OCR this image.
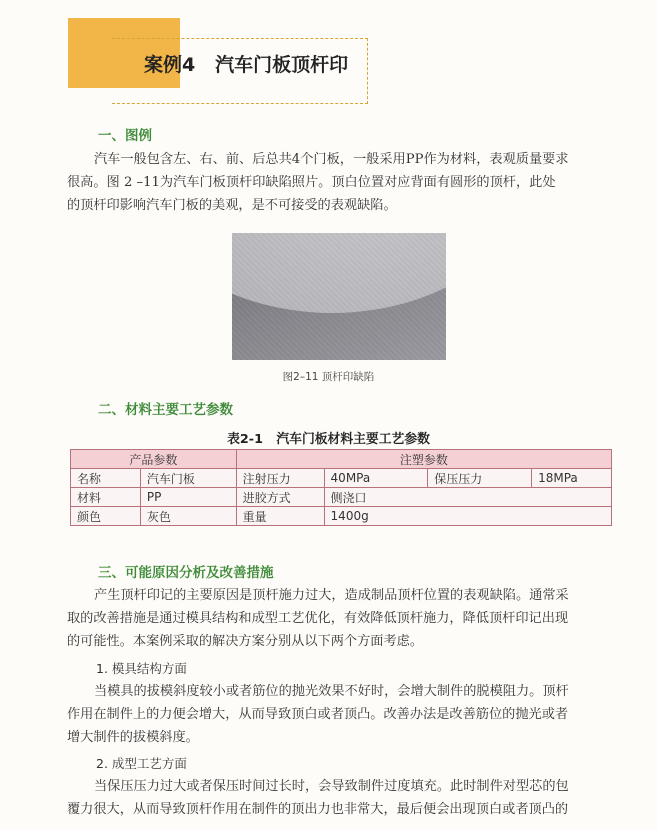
案例4   汽车门板顶杆印
一、图例
汽车一般包含左、右、前、后总共4个门板，一般采用PP作为材料，表观质量要求
很高。图 2 –11为汽车门板顶杆印缺陷照片。顶白位置对应背面有圆形的顶杆，此处
的顶杆印影响汽车门板的美观，是不可接受的表观缺陷。
图2–11 顶杆印缺陷
二、材料主要工艺参数
表2-1   汽车门板材料主要工艺参数
产品参数		注塑参数			
名称	汽车门板	注射压力	40MPa	保压压力	18MPa
材料	PP	进胶方式	侧浇口		
颜色	灰色	重量	1400g		
三、可能原因分析及改善措施
产生顶杆印记的主要原因是顶杆施力过大，造成制品顶杆位置的表观缺陷。通常采
取的改善措施是通过模具结构和成型工艺优化，有效降低顶杆施力，降低顶杆印记出现
的可能性。本案例采取的解决方案分别从以下两个方面考虑。
1. 模具结构方面
当模具的拔模斜度较小或者筋位的抛光效果不好时，会增大制件的脱模阻力。顶杆
作用在制件上的力便会增大，从而导致顶白或者顶凸。改善办法是改善筋位的抛光或者
增大制件的拔模斜度。
2. 成型工艺方面
当保压压力过大或者保压时间过长时，会导致制件过度填充。此时制件对型芯的包
覆力很大，从而导致顶杆作用在制件的顶出力也非常大，最后便会出现顶白或者顶凸的
